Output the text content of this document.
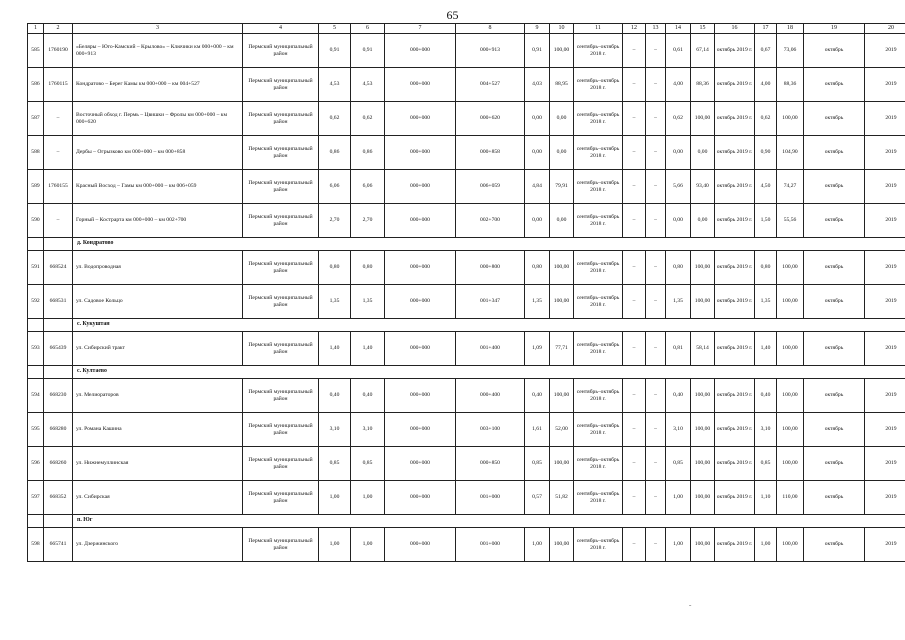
65
1	2	3	4	5	6	7	8	9	10	11	12	13	14	15	16	17	18	19	20
585	1760190	«Беляры – Юго-Камский – Крылово» – Ключики км 000+000 – км 000+913	Пермский муниципальный район	0,91	0,91	000+000	000+913	0,91	100,00	сентябрь–октябрь 2018 г.	–	–	0,61	67,14	октябрь 2019 г.	0,67	73,06	октябрь	2019
586	1760115	Кондратово – Берег Камы км 000+000 – км 004+527	Пермский муниципальный район	4,53	4,53	000+000	004+527	4,03	88,95	сентябрь–октябрь 2018 г.	–	–	4,00	88,36	октябрь 2019 г.	4,00	88,36	октябрь	2019
587	–	Восточный обход г. Пермь – Цвишки – Фролы км 000+000 – км 000+620	Пермский муниципальный район	0,62	0,62	000+000	000+620	0,00	0,00	сентябрь–октябрь 2018 г.	–	–	0,62	100,00	октябрь 2019 г.	0,62	100,00	октябрь	2019
588	–	Дербы – Огрызково км 000+000 – км 000+858	Пермский муниципальный район	0,86	0,86	000+000	000+858	0,00	0,00	сентябрь–октябрь 2018 г.	–	–	0,00	0,00	октябрь 2019 г.	0,90	104,90	октябрь	2019
589	1760155	Красный Восход – Гамы км 000+000 – км 006+059	Пермский муниципальный район	6,06	6,06	000+000	006+059	4,84	79,91	сентябрь–октябрь 2018 г.	–	–	5,66	93,40	октябрь 2019 г.	4,50	74,27	октябрь	2019
590	–	Горный – Кострарта км 000+000 – км 002+700	Пермский муниципальный район	2,70	2,70	000+000	002+700	0,00	0,00	сентябрь–октябрь 2018 г.	–	–	0,00	0,00	октябрь 2019 г.	1,50	55,56	октябрь	2019
		д. Кондратово																	
591	668524	ул. Водопроводная	Пермский муниципальный район	0,80	0,80	000+000	000+800	0,80	100,00	сентябрь–октябрь 2018 г.	–	–	0,80	100,00	октябрь 2019 г.	0,80	100,00	октябрь	2019
592	668531	ул. Садовое Кольцо	Пермский муниципальный район	1,35	1,35	000+000	001+347	1,35	100,00	сентябрь–октябрь 2018 г.	–	–	1,35	100,00	октябрь 2019 г.	1,35	100,00	октябрь	2019
		с. Кукуштан																	
593	665439	ул. Сибирский тракт	Пермский муниципальный район	1,40	1,40	000+000	001+400	1,09	77,71	сентябрь–октябрь 2018 г.	–	–	0,81	58,14	октябрь 2019 г.	1,40	100,00	октябрь	2019
		с. Култаево																	
594	668230	ул. Мелиораторов	Пермский муниципальный район	0,40	0,40	000+000	000+400	0,40	100,00	сентябрь–октябрь 2018 г.	–	–	0,40	100,00	октябрь 2019 г.	0,40	100,00	октябрь	2019
595	668280	ул. Романа Кашина	Пермский муниципальный район	3,10	3,10	000+000	003+100	1,61	52,00	сентябрь–октябрь 2018 г.	–	–	3,10	100,00	октябрь 2019 г.	3,10	100,00	октябрь	2019
596	668260	ул. Нижнемуллинская	Пермский муниципальный район	0,85	0,85	000+000	000+850	0,85	100,00	сентябрь–октябрь 2018 г.	–	–	0,85	100,00	октябрь 2019 г.	0,85	100,00	октябрь	2019
597	668352	ул. Сибирская	Пермский муниципальный район	1,00	1,00	000+000	001+000	0,57	51,82	сентябрь–октябрь 2018 г.	–	–	1,00	100,00	октябрь 2019 г.	1,10	110,00	октябрь	2019
		п. Юг																	
598	665741	ул. Дзержинского	Пермский муниципальный район	1,00	1,00	000+000	001+000	1,00	100,00	сентябрь–октябрь 2018 г.	–	–	1,00	100,00	октябрь 2019 г.	1,00	100,00	октябрь	2019
ˇ
